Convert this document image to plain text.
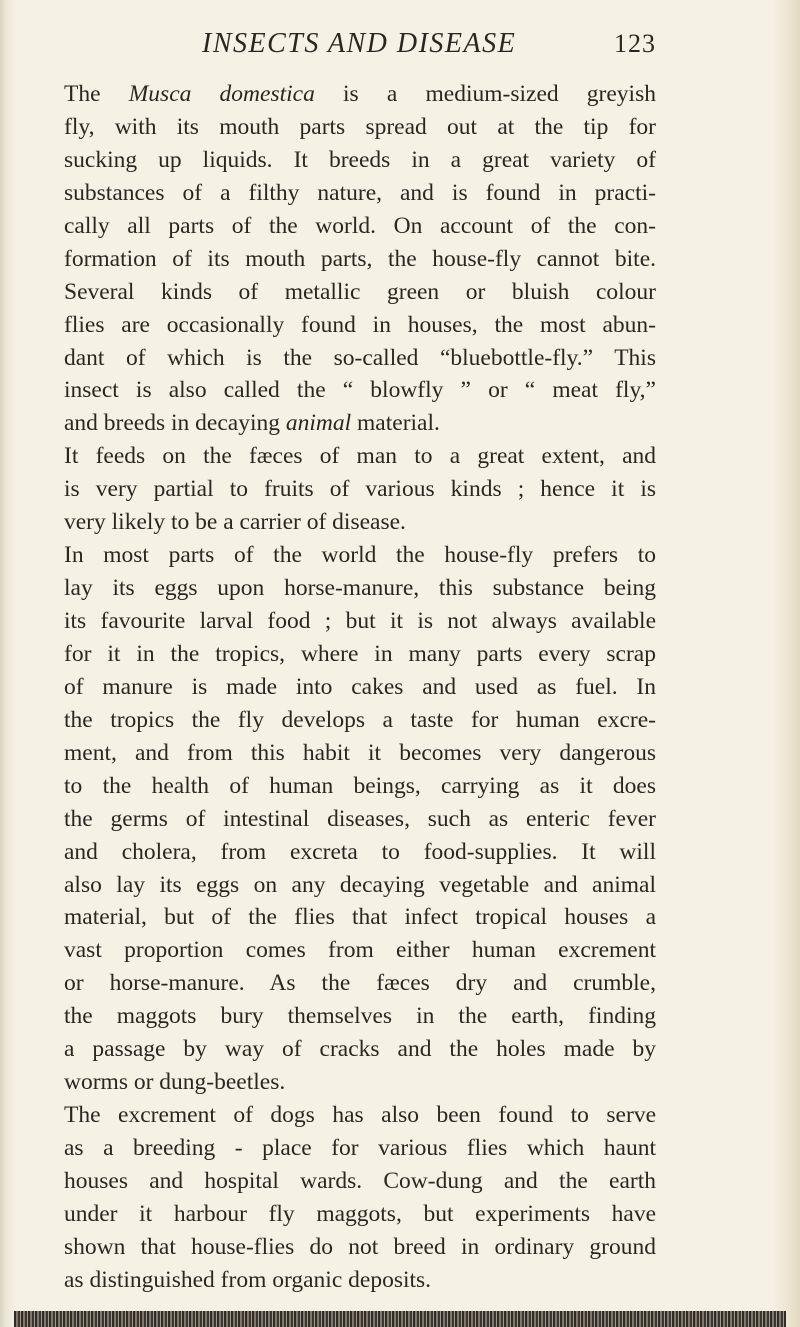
INSECTS AND DISEASE	123
The Musca domestica is a medium-sized greyish
fly, with its mouth parts spread out at the tip for
sucking up liquids. It breeds in a great variety of
substances of a filthy nature, and is found in practi-
cally all parts of the world. On account of the con-
formation of its mouth parts, the house-fly cannot bite.
Several kinds of metallic green or bluish colour
flies are occasionally found in houses, the most abun-
dant of which is the so-called “bluebottle-fly.” This
insect is also called the “ blowfly ” or “ meat fly,”
and breeds in decaying animal material.
It feeds on the fæces of man to a great extent, and
is very partial to fruits of various kinds ; hence it is
very likely to be a carrier of disease.
In most parts of the world the house-fly prefers to
lay its eggs upon horse-manure, this substance being
its favourite larval food ; but it is not always available
for it in the tropics, where in many parts every scrap
of manure is made into cakes and used as fuel. In
the tropics the fly develops a taste for human excre-
ment, and from this habit it becomes very dangerous
to the health of human beings, carrying as it does
the germs of intestinal diseases, such as enteric fever
and cholera, from excreta to food-supplies. It will
also lay its eggs on any decaying vegetable and animal
material, but of the flies that infect tropical houses a
vast proportion comes from either human excrement
or horse-manure. As the fæces dry and crumble,
the maggots bury themselves in the earth, finding
a passage by way of cracks and the holes made by
worms or dung-beetles.
The excrement of dogs has also been found to serve
as a breeding - place for various flies which haunt
houses and hospital wards. Cow-dung and the earth
under it harbour fly maggots, but experiments have
shown that house-flies do not breed in ordinary ground
as distinguished from organic deposits.
